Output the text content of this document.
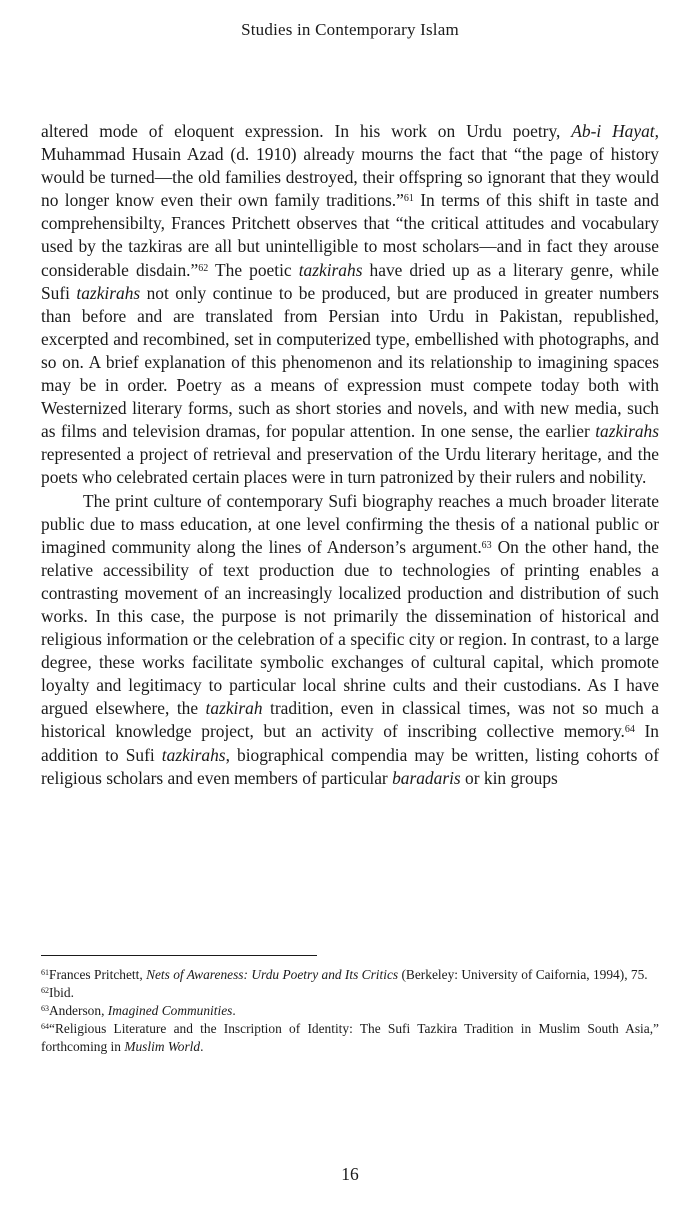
Studies in Contemporary Islam

altered mode of eloquent expression. In his work on Urdu poetry, Ab-i Hayat, Muhammad Husain Azad (d. 1910) already mourns the fact that “the page of history would be turned—the old families destroyed, their offspring so ignorant that they would no longer know even their own family traditions.”$^{61}$ In terms of this shift in taste and comprehensibilty, Frances Pritchett observes that “the critical attitudes and vocabulary used by the tazkiras are all but unintelligible to most scholars—and in fact they arouse considerable disdain.”$^{62}$ The poetic tazkirahs have dried up as a literary genre, while Sufi tazkirahs not only continue to be produced, but are produced in greater numbers than before and are translated from Persian into Urdu in Pakistan, republished, excerpted and recombined, set in computerized type, embellished with photographs, and so on. A brief explanation of this phenomenon and its relationship to imagining spaces may be in order. Poetry as a means of expression must compete today both with Westernized literary forms, such as short stories and novels, and with new media, such as films and television dramas, for popular attention. In one sense, the earlier tazkirahs represented a project of retrieval and preservation of the Urdu literary heritage, and the poets who celebrated certain places were in turn patronized by their rulers and nobility.

The print culture of contemporary Sufi biography reaches a much broader literate public due to mass education, at one level confirming the thesis of a national public or imagined community along the lines of Anderson’s argument.$^{63}$ On the other hand, the relative accessibility of text production due to technologies of printing enables a contrasting movement of an increasingly localized production and distribution of such works. In this case, the purpose is not primarily the dissemination of historical and religious information or the celebration of a specific city or region. In contrast, to a large degree, these works facilitate symbolic exchanges of cultural capital, which promote loyalty and legitimacy to particular local shrine cults and their custodians. As I have argued elsewhere, the tazkirah tradition, even in classical times, was not so much a historical knowledge project, but an activity of inscribing collective memory.$^{64}$ In addition to Sufi tazkirahs, biographical compendia may be written, listing cohorts of religious scholars and even members of particular baradaris or kin groups

$^{61}$Frances Pritchett, Nets of Awareness: Urdu Poetry and Its Critics (Berkeley: University of Caifornia, 1994), 75.

$^{62}$Ibid.

$^{63}$Anderson, Imagined Communities.

$^{64}$“Religious Literature and the Inscription of Identity: The Sufi Tazkira Tradition in Muslim South Asia,” forthcoming in Muslim World.

16
